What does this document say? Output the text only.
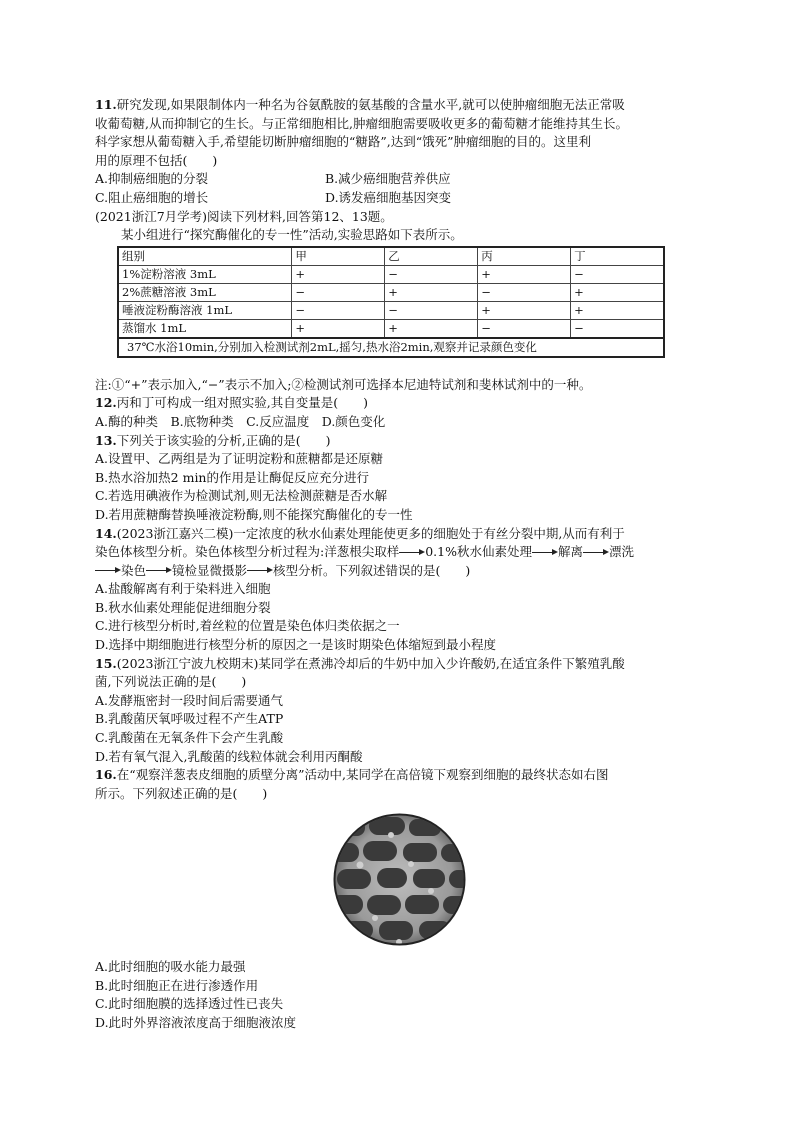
11.研究发现,如果限制体内一种名为谷氨酰胺的氨基酸的含量水平,就可以使肿瘤细胞无法正常吸

收葡萄糖,从而抑制它的生长。与正常细胞相比,肿瘤细胞需要吸收更多的葡萄糖才能维持其生长。

科学家想从葡萄糖入手,希望能切断肿瘤细胞的“糖路”,达到“饿死”肿瘤细胞的目的。这里利

用的原理不包括(　　)

A.抑制癌细胞的分裂	B.减少癌细胞营养供应
C.阻止癌细胞的增长	D.诱发癌细胞基因突变

(2021浙江7月学考)阅读下列材料,回答第12、13题。

某小组进行“探究酶催化的专一性”活动,实验思路如下表所示。

组别	甲	乙	丙	丁
1%淀粉溶液 3mL	+	−	+	−
2%蔗糖溶液 3mL	−	+	−	+
唾液淀粉酶溶液 1mL	−	−	+	+
蒸馏水 1mL	+	+	−	−
37℃水浴10min,分别加入检测试剂2mL,摇匀,热水浴2min,观察并记录颜色变化				

注:①“+”表示加入,“−”表示不加入;②检测试剂可选择本尼迪特试剂和斐林试剂中的一种。

12.丙和丁可构成一组对照实验,其自变量是(　　)

A.酶的种类　B.底物种类　C.反应温度　D.颜色变化

13.下列关于该实验的分析,正确的是(　　)

A.设置甲、乙两组是为了证明淀粉和蔗糖都是还原糖

B.热水浴加热2 min的作用是让酶促反应充分进行

C.若选用碘液作为检测试剂,则无法检测蔗糖是否水解

D.若用蔗糖酶替换唾液淀粉酶,则不能探究酶催化的专一性

14.(2023浙江嘉兴二模)一定浓度的秋水仙素处理能使更多的细胞处于有丝分裂中期,从而有利于

染色体核型分析。染色体核型分析过程为:洋葱根尖取样 0.1%秋水仙素处理 解离 漂洗

染色 镜检显微摄影 核型分析。下列叙述错误的是(　　)

A.盐酸解离有利于染料进入细胞

B.秋水仙素处理能促进细胞分裂

C.进行核型分析时,着丝粒的位置是染色体归类依据之一

D.选择中期细胞进行核型分析的原因之一是该时期染色体缩短到最小程度

15.(2023浙江宁波九校期末)某同学在煮沸冷却后的牛奶中加入少许酸奶,在适宜条件下繁殖乳酸

菌,下列说法正确的是(　　)

A.发酵瓶密封一段时间后需要通气

B.乳酸菌厌氧呼吸过程不产生ATP

C.乳酸菌在无氧条件下会产生乳酸

D.若有氧气混入,乳酸菌的线粒体就会利用丙酮酸

16.在“观察洋葱表皮细胞的质壁分离”活动中,某同学在高倍镜下观察到细胞的最终状态如右图

所示。下列叙述正确的是(　　)

A.此时细胞的吸水能力最强

B.此时细胞正在进行渗透作用

C.此时细胞膜的选择透过性已丧失

D.此时外界溶液浓度高于细胞液浓度
